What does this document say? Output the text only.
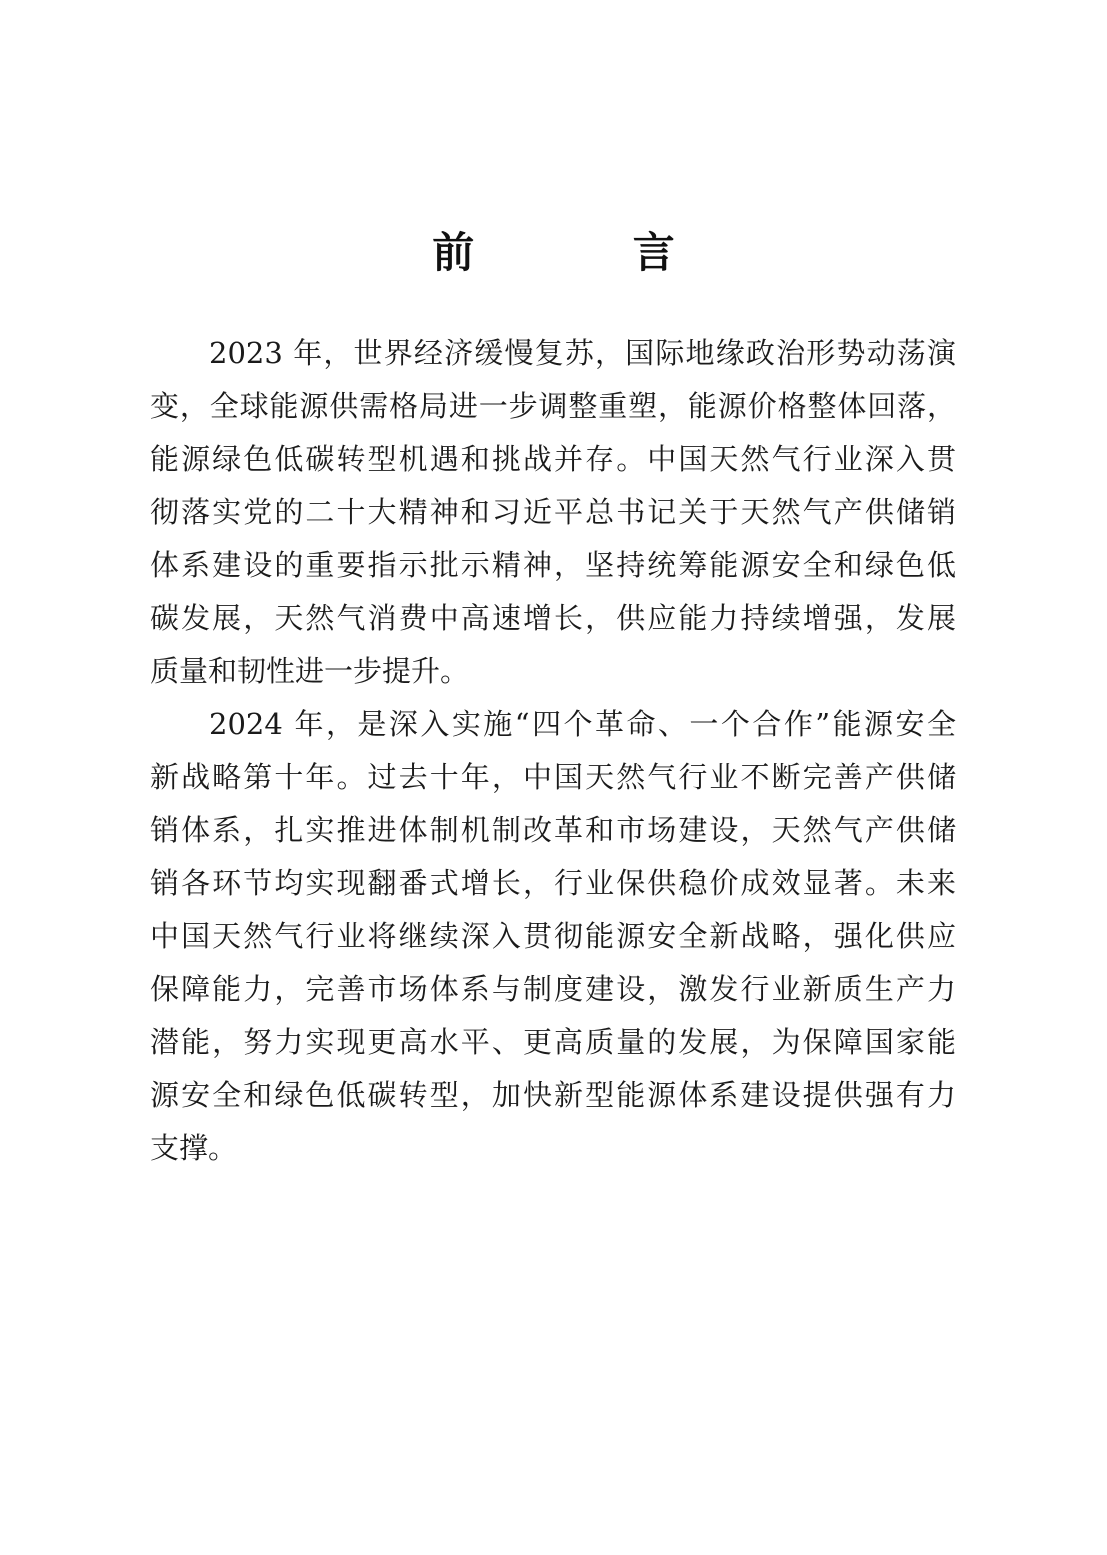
前 言
2023 年，世界经济缓慢复苏，国际地缘政治形势动荡演
变，全球能源供需格局进一步调整重塑，能源价格整体回落，
能源绿色低碳转型机遇和挑战并存。中国天然气行业深入贯
彻落实党的二十大精神和习近平总书记关于天然气产供储销
体系建设的重要指示批示精神，坚持统筹能源安全和绿色低
碳发展，天然气消费中高速增长，供应能力持续增强，发展
质量和韧性进一步提升。
2024 年，是深入实施“四个革命、一个合作”能源安全
新战略第十年。过去十年，中国天然气行业不断完善产供储
销体系，扎实推进体制机制改革和市场建设，天然气产供储
销各环节均实现翻番式增长，行业保供稳价成效显著。未来
中国天然气行业将继续深入贯彻能源安全新战略，强化供应
保障能力，完善市场体系与制度建设，激发行业新质生产力
潜能，努力实现更高水平、更高质量的发展，为保障国家能
源安全和绿色低碳转型，加快新型能源体系建设提供强有力
支撑。
